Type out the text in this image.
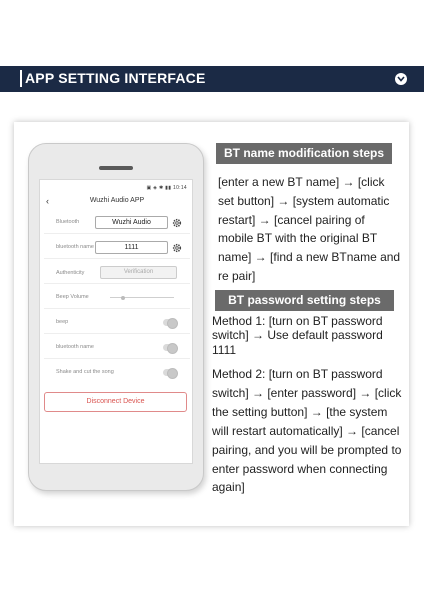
APP SETTING INTERFACE
▣ ◈ ✱ ▮▮ 10:14
‹	Wuzhi Audio APP
Bluetooth	Wuzhi Audio
bluetooth name	1111
Authenticity	Verification
Beep Volume
beep
bluetooth name
Shake and cut the song
Disconnect Device
BT name modification steps
[enter a new BT name] → [click set button] → [system automatic restart] → [cancel pairing of mobile BT with the original BT name] → [find a new BTname and re pair]
BT password setting steps
Method 1: [turn on BT password switch] → Use default password 1111
Method 2: [turn on BT password switch] → [enter password] → [click the setting button] → [the system will restart automatically] → [cancel pairing, and you will be prompted to enter password when connecting again]
